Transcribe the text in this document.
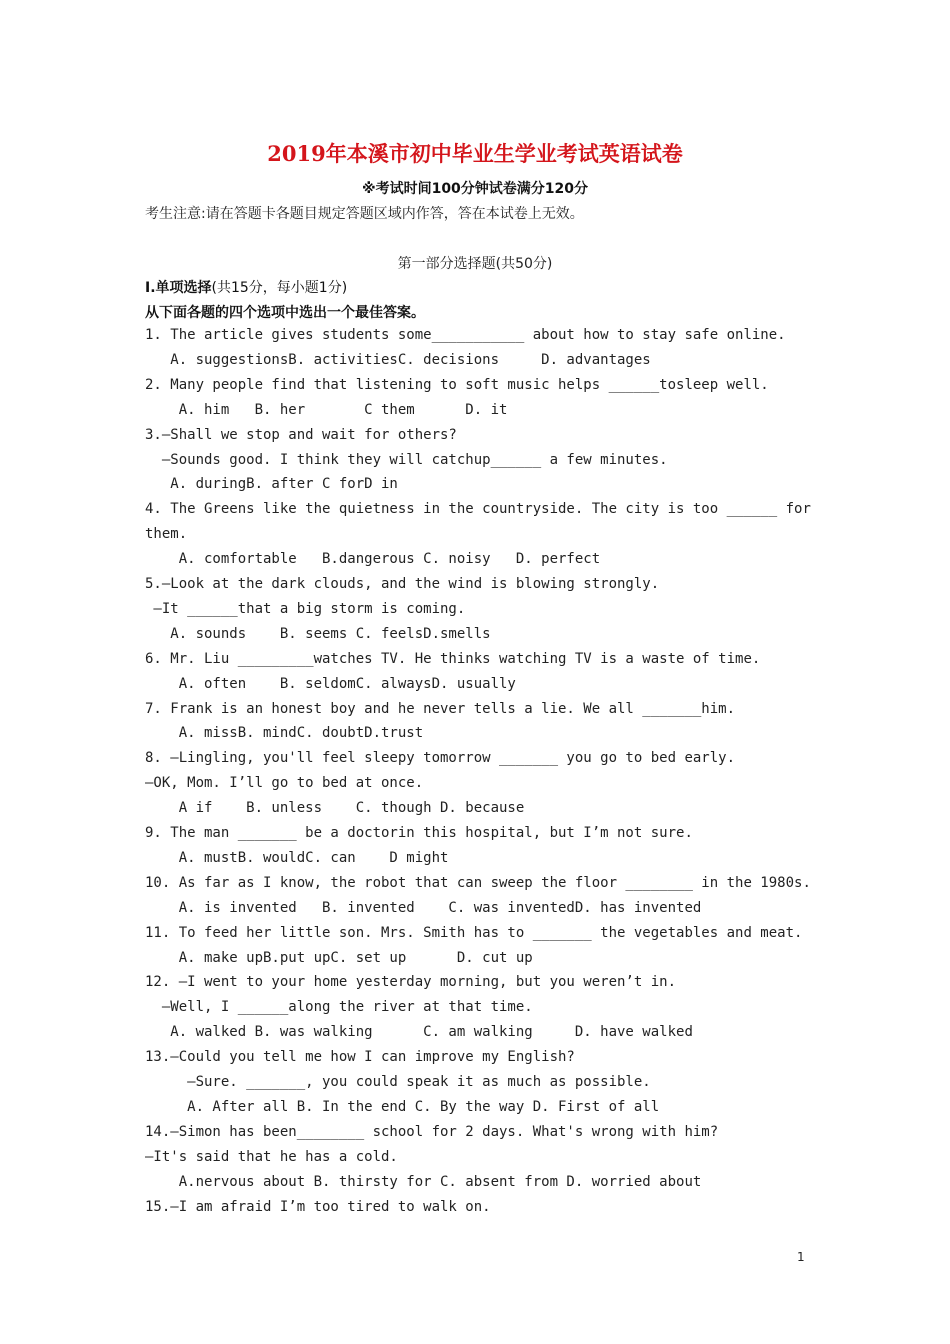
2019年本溪市初中毕业生学业考试英语试卷
※考试时间100分钟试卷满分120分
考生注意:请在答题卡各题目规定答题区域内作答，答在本试卷上无效。
第一部分选择题(共50分)
Ⅰ.单项选择(共15分，每小题1分)
从下面各题的四个选项中选出一个最佳答案。
1. The article gives students some___________ about how to stay safe online.
A. suggestionsB. activitiesC. decisions     D. advantages
2. Many people find that listening to soft music helps ______tosleep well.
A. him   B. her       C them      D. it
3.—Shall we stop and wait for others?
—Sounds good. I think they will catchup______ a few minutes.
A. duringB. after C forD in
4. The Greens like the quietness in the countryside. The city is too ______ for
them.
A. comfortable   B.dangerous C. noisy   D. perfect
5.—Look at the dark clouds, and the wind is blowing strongly.
—It ______that a big storm is coming.
A. sounds    B. seems C. feelsD.smells
6. Mr. Liu _________watches TV. He thinks watching TV is a waste of time.
A. often    B. seldomC. alwaysD. usually
7. Frank is an honest boy and he never tells a lie. We all _______him.
A. missB. mindC. doubtD.trust
8. —Lingling, you'll feel sleepy tomorrow _______ you go to bed early.
—OK, Mom. I’ll go to bed at once.
A if    B. unless    C. though D. because
9. The man _______ be a doctorin this hospital, but I’m not sure.
A. mustB. wouldC. can    D might
10. As far as I know, the robot that can sweep the floor ________ in the 1980s.
A. is invented   B. invented    C. was inventedD. has invented
11. To feed her little son. Mrs. Smith has to _______ the vegetables and meat.
A. make upB.put upC. set up      D. cut up
12. —I went to your home yesterday morning, but you weren’t in.
—Well, I ______along the river at that time.
A. walked B. was walking      C. am walking     D. have walked
13.—Could you tell me how I can improve my English?
—Sure. _______, you could speak it as much as possible.
A. After all B. In the end C. By the way D. First of all
14.—Simon has been________ school for 2 days. What's wrong with him?
—It's said that he has a cold.
A.nervous about B. thirsty for C. absent from D. worried about
15.—I am afraid I’m too tired to walk on.
1
